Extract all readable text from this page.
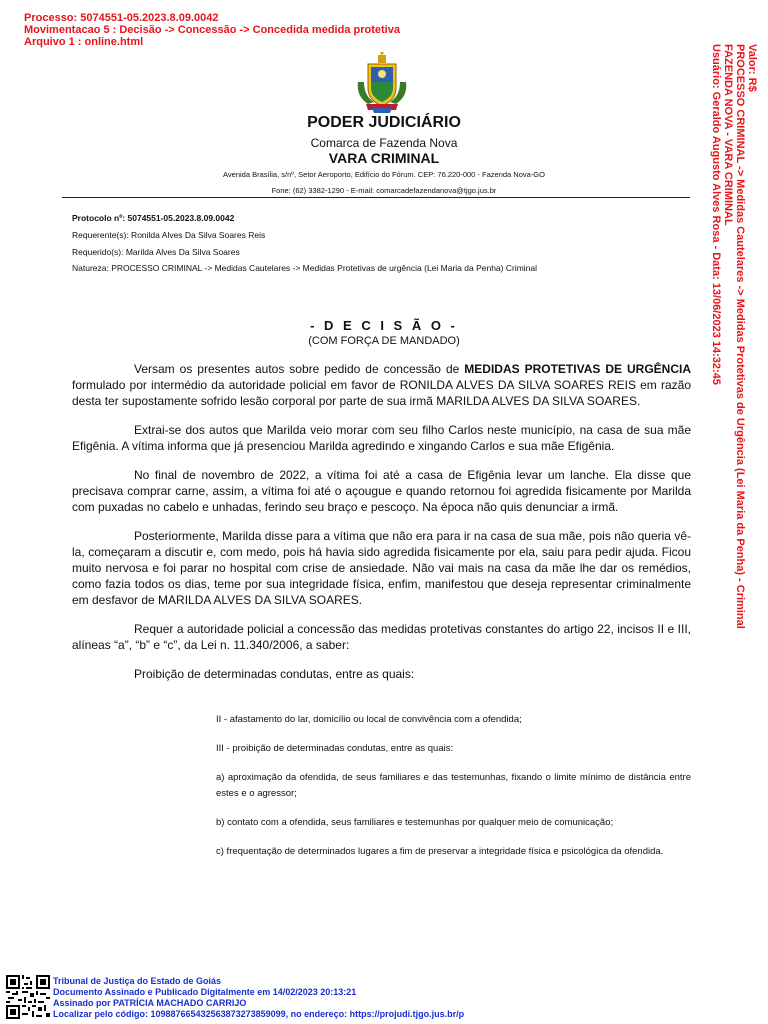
Processo: 5074551-05.2023.8.09.0042
Movimentacao 5 : Decisão -> Concessão -> Concedida medida protetiva
Arquivo 1 : online.html
Valor: R$
PROCESSO CRIMINAL -> Medidas Cautelares -> Medidas Protetivas de Urgência (Lei Maria da Penha) - Criminal
FAZENDA NOVA - VARA CRIMINAL
Usuário: Geraldo Augusto Alves Rosa - Data: 13/06/2023 14:32:45
PODER JUDICIÁRIO
Comarca de Fazenda Nova
VARA CRIMINAL
Avenida Brasília, s/nº, Setor Aeroporto, Edifício do Fórum. CEP: 76.220-000 - Fazenda Nova-GO
Fone: (62) 3382-1290 - E-mail: comarcadefazendanova@tjgo.jus.br
Protocolo nº: 5074551-05.2023.8.09.0042
Requerente(s): Ronilda Alves Da Silva Soares Reis
Requerido(s): Marilda Alves Da Silva Soares
Natureza: PROCESSO CRIMINAL -> Medidas Cautelares -> Medidas Protetivas de urgência (Lei Maria da Penha) Criminal
- D E C I S Ã O -
(COM FORÇA DE MANDADO)

Versam os presentes autos sobre pedido de concessão de MEDIDAS PROTETIVAS DE URGÊNCIA formulado por intermédio da autoridade policial em favor de RONILDA ALVES DA SILVA SOARES REIS em razão desta ter supostamente sofrido lesão corporal por parte de sua irmã MARILDA ALVES DA SILVA SOARES.

Extrai-se dos autos que Marilda veio morar com seu filho Carlos neste município, na casa de sua mãe Efigênia. A vítima informa que já presenciou Marilda agredindo e xingando Carlos e sua mãe Efigênia.

No final de novembro de 2022, a vítima foi até a casa de Efigênia levar um lanche. Ela disse que precisava comprar carne, assim, a vítima foi até o açougue e quando retornou foi agredida fisicamente por Marilda com puxadas no cabelo e unhadas, ferindo seu braço e pescoço. Na época não quis denunciar a irmã.

Posteriormente, Marilda disse para a vítima que não era para ir na casa de sua mãe, pois não queria vê-la, começaram a discutir e, com medo, pois há havia sido agredida fisicamente por ela, saiu para pedir ajuda. Ficou muito nervosa e foi parar no hospital com crise de ansiedade. Não vai mais na casa da mãe lhe dar os remédios, como fazia todos os dias, teme por sua integridade física, enfim, manifestou que deseja representar criminalmente em desfavor de MARILDA ALVES DA SILVA SOARES.

Requer a autoridade policial a concessão das medidas protetivas constantes do artigo 22, incisos II e III, alíneas “a”, “b” e “c”, da Lei n. 11.340/2006, a saber:

Proibição de determinadas condutas, entre as quais:

II - afastamento do lar, domicílio ou local de convivência com a ofendida;

III - proibição de determinadas condutas, entre as quais:

a) aproximação da ofendida, de seus familiares e das testemunhas, fixando o limite mínimo de distância entre estes e o agressor;

b) contato com a ofendida, seus familiares e testemunhas por qualquer meio de comunicação;

c) frequentação de determinados lugares a fim de preservar a integridade física e psicológica da ofendida.

Tribunal de Justiça do Estado de Goiás
Documento Assinado e Publicado Digitalmente em 14/02/2023 20:13:21
Assinado por PATRÍCIA MACHADO CARRIJO
Localizar pelo código: 109887665432563873273859099, no endereço: https://projudi.tjgo.jus.br/p
